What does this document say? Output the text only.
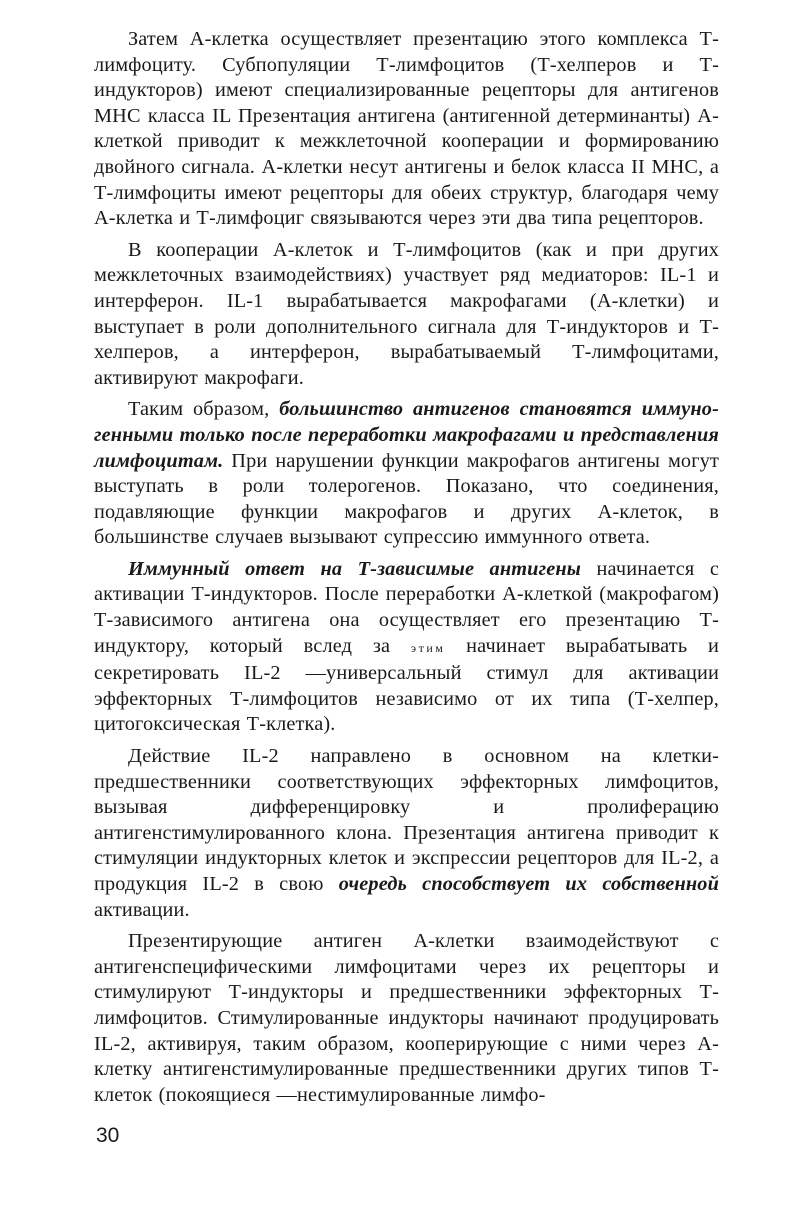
Затем А-клетка осуществляет презентацию этого комплекса Т-лимфоциту. Субпопуляции Т-лимфоцитов (Т-хелперов и Т-индукторов) имеют специализированные рецепторы для антигенов МНС класса IL Презентация антигена (антигенной детерминанты) А-клеткой приводит к межклеточной кооперации и формированию двойного сигнала. А-клетки несут антигены и белок класса II МНС, а Т-лимфоциты имеют рецепторы для обеих структур, благодаря чему А-клетка и Т-лимфоциг связываются через эти два типа рецепторов.

В кооперации А-клеток и Т-лимфоцитов (как и при других межклеточных взаимодействиях) участвует ряд медиаторов: IL-1 и интерферон. IL-1 вырабатывается макрофагами (А-клетки) и выступает в роли дополнительного сигнала для Т-индукторов и Т-хелперов, а интерферон, вырабатываемый Т-лимфоцитами, активируют макрофаги.

Таким образом, большинство антигенов становятся иммуно-генными только после переработки макрофагами и представления лимфоцитам. При нарушении функции макрофагов антигены могут выступать в роли толерогенов. Показано, что соединения, подавляющие функции макрофагов и других А-клеток, в большинстве случаев вызывают супрессию иммунного ответа.

Иммунный ответ на Т-зависимые антигены начинается с активации Т-индукторов. После переработки А-клеткой (макрофагом) Т-зависимого антигена она осуществляет его презентацию Т-индуктору, который вслед за этим начинает вырабатывать и секретировать IL-2 —универсальный стимул для активации эффекторных Т-лимфоцитов независимо от их типа (Т-хелпер, цитогоксическая Т-клетка).

Действие IL-2 направлено в основном на клетки-предшественники соответствующих эффекторных лимфоцитов, вызывая дифференцировку и пролиферацию антигенстимулированного клона. Презентация антигена приводит к стимуляции индукторных клеток и экспрессии рецепторов для IL-2, а продукция IL-2 в свою очередь способствует их собственной активации.

Презентирующие антиген А-клетки взаимодействуют с антигенспецифическими лимфоцитами через их рецепторы и стимулируют Т-индукторы и предшественники эффекторных Т-лимфоцитов. Стимулированные индукторы начинают продуцировать IL-2, активируя, таким образом, кооперирующие с ними через А-клетку антигенстимулированные предшественники других типов Т-клеток (покоящиеся —нестимулированные лимфо-

30
